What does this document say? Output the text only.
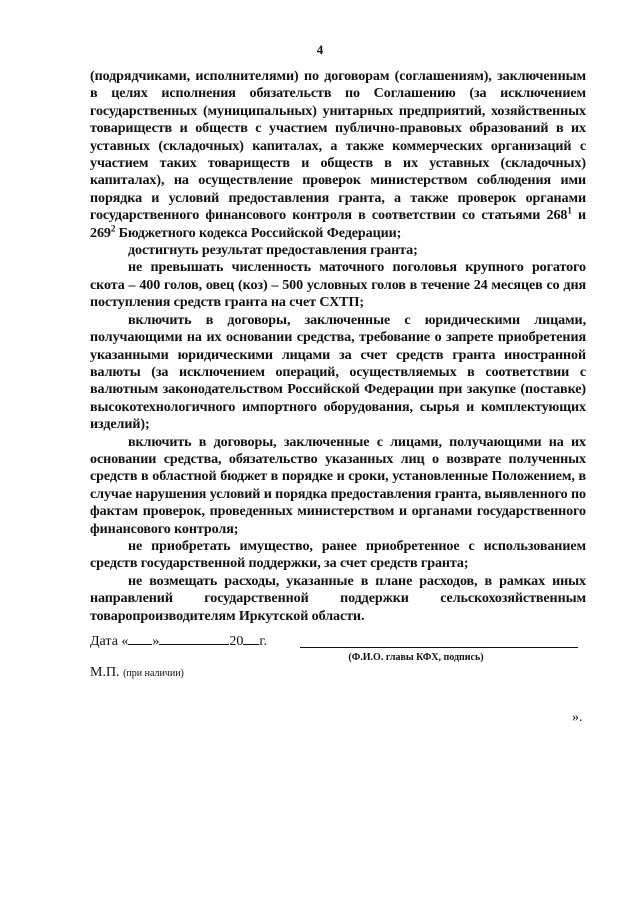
4

(подрядчиками, исполнителями) по договорам (соглашениям), заключенным в целях исполнения обязательств по Соглашению (за исключением государственных (муниципальных) унитарных предприятий, хозяйственных товариществ и обществ с участием публично-правовых образований в их уставных (складочных) капиталах, а также коммерческих организаций с участием таких товариществ и обществ в их уставных (складочных) капиталах), на осуществление проверок министерством соблюдения ими порядка и условий предоставления гранта, а также проверок органами государственного финансового контроля в соответствии со статьями $268^1$ и $269^2$ Бюджетного кодекса Российской Федерации;

достигнуть результат предоставления гранта;

не превышать численность маточного поголовья крупного рогатого скота – 400 голов, овец (коз) – 500 условных голов в течение 24 месяцев со дня поступления средств гранта на счет СХТП;

включить в договоры, заключенные с юридическими лицами, получающими на их основании средства, требование о запрете приобретения указанными юридическими лицами за счет средств гранта иностранной валюты (за исключением операций, осуществляемых в соответствии с валютным законодательством Российской Федерации при закупке (поставке) высокотехнологичного импортного оборудования, сырья и комплектующих изделий);

включить в договоры, заключенные с лицами, получающими на их основании средства, обязательство указанных лиц о возврате полученных средств в областной бюджет в порядке и сроки, установленные Положением, в случае нарушения условий и порядка предоставления гранта, выявленного по фактам проверок, проведенных министерством и органами государственного финансового контроля;

не приобретать имущество, ранее приобретенное с использованием средств государственной поддержки, за счет средств гранта;

не возмещать расходы, указанные в плане расходов, в рамках иных направлений государственной поддержки сельскохозяйственным товаропроизводителям Иркутской области.

Дата « »	20 г.
(Ф.И.О. главы КФХ, подпись)
М.П. (при наличии)
».
